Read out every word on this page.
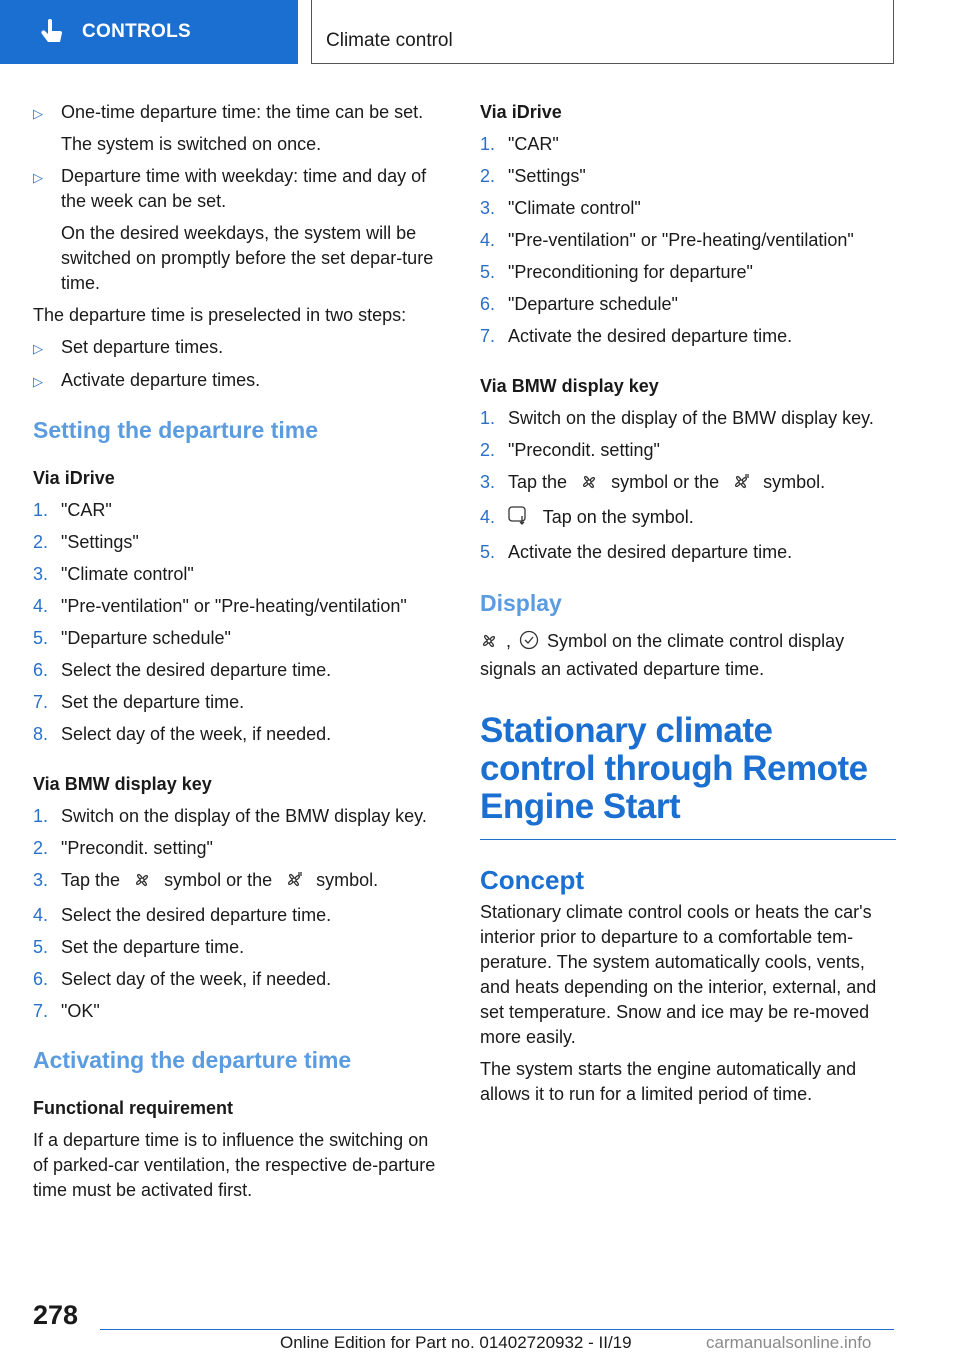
CONTROLS	Climate control
▷	One-time departure time: the time can be set.
The system is switched on once.
▷	Departure time with weekday: time and day of the week can be set.
On the desired weekdays, the system will be switched on promptly before the set depar‐ture time.

The departure time is preselected in two steps:

▷	Set departure times.
▷	Activate departure times.
Setting the departure time
Via iDrive
1. "CAR"
2. "Settings"
3. "Climate control"
4. "Pre-ventilation" or "Pre-heating/ventilation"
5. "Departure schedule"
6. Select the desired departure time.
7. Set the departure time.
8. Select day of the week, if needed.
Via BMW display key
1. Switch on the display of the BMW display key.
2. "Precondit. setting"
3. Tap the symbol or the symbol.
4. Select the desired departure time.
5. Set the departure time.
6. Select day of the week, if needed.
7. "OK"
Activating the departure time
Functional requirement

If a departure time is to influence the switching on of parked-car ventilation, the respective de‐parture time must be activated first.

Via iDrive
1. "CAR"
2. "Settings"
3. "Climate control"
4. "Pre-ventilation" or "Pre-heating/ventilation"
5. "Preconditioning for departure"
6. "Departure schedule"
7. Activate the desired departure time.
Via BMW display key
1. Switch on the display of the BMW display key.
2. "Precondit. setting"
3. Tap the symbol or the symbol.
4.	Tap on the symbol.
5. Activate the desired departure time.
Display

, Symbol on the climate control display
signals an activated departure time.

Stationary climate control through Remote Engine Start
Concept

Stationary climate control cools or heats the car's interior prior to departure to a comfortable tem‐perature. The system automatically cools, vents, and heats depending on the interior, external, and set temperature. Snow and ice may be re‐moved more easily.

The system starts the engine automatically and allows it to run for a limited period of time.

278
Online Edition for Part no. 01402720932 - II/19	carmanualsonline.info
